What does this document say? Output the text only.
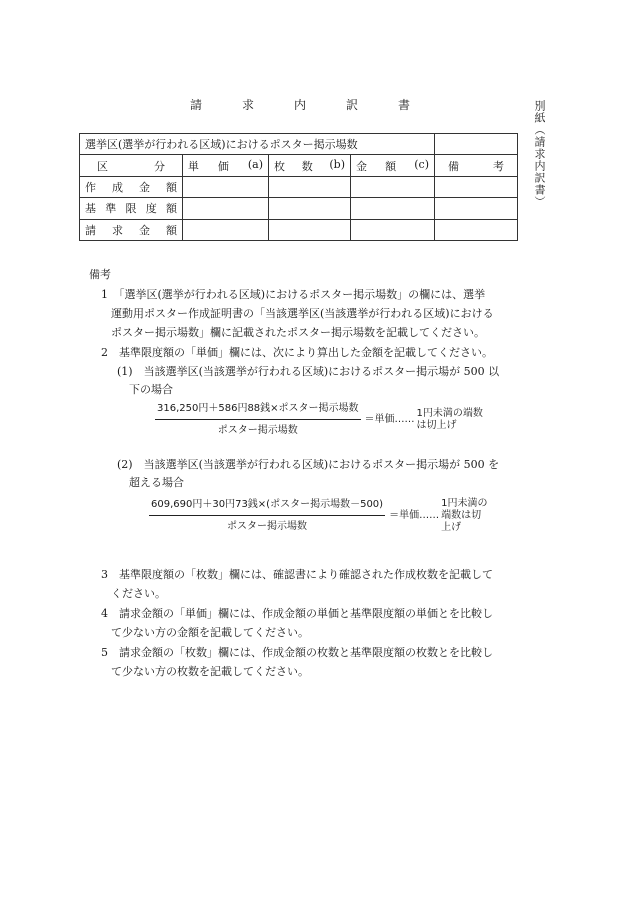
請	求	内	訳	書	別紙（請求内訳書）
選挙区(選挙が行われる区域)におけるポスター掲示場数				

区 分	単 価 (a)	枚 数 (b)	金 額 (c)	備 考

作 成 金 額				

基 準 限 度 額				

請 求 金 額				

備考
1　「選挙区(選挙が行われる区域)におけるポスター掲示場数」の欄には、選挙
運動用ポスター作成証明書の「当該選挙区(当該選挙が行われる区域)における
ポスター掲示場数」欄に記載されたポスター掲示場数を記載してください。
2　基準限度額の「単価」欄には、次により算出した金額を記載してください。
(1)　当該選挙区(当該選挙が行われる区域)におけるポスター掲示場が 500 以
下の場合
$\frac{\text{316,250円＋586円88銭×ポスター掲示場数}}{\text{ポスター掲示場数}}$ ＝単価……
1円未満の端数
は切上げ
(2)　当該選挙区(当該選挙が行われる区域)におけるポスター掲示場が 500 を
超える場合
$\frac{\text{609,690円＋30円73銭×(ポスター掲示場数－500)}}{\text{ポスター掲示場数}}$ ＝単価……
1円未満の
端数は切
上げ
3　基準限度額の「枚数」欄には、確認書により確認された作成枚数を記載して
ください。
4　請求金額の「単価」欄には、作成金額の単価と基準限度額の単価とを比較し
て少ない方の金額を記載してください。
5　請求金額の「枚数」欄には、作成金額の枚数と基準限度額の枚数とを比較し
て少ない方の枚数を記載してください。
